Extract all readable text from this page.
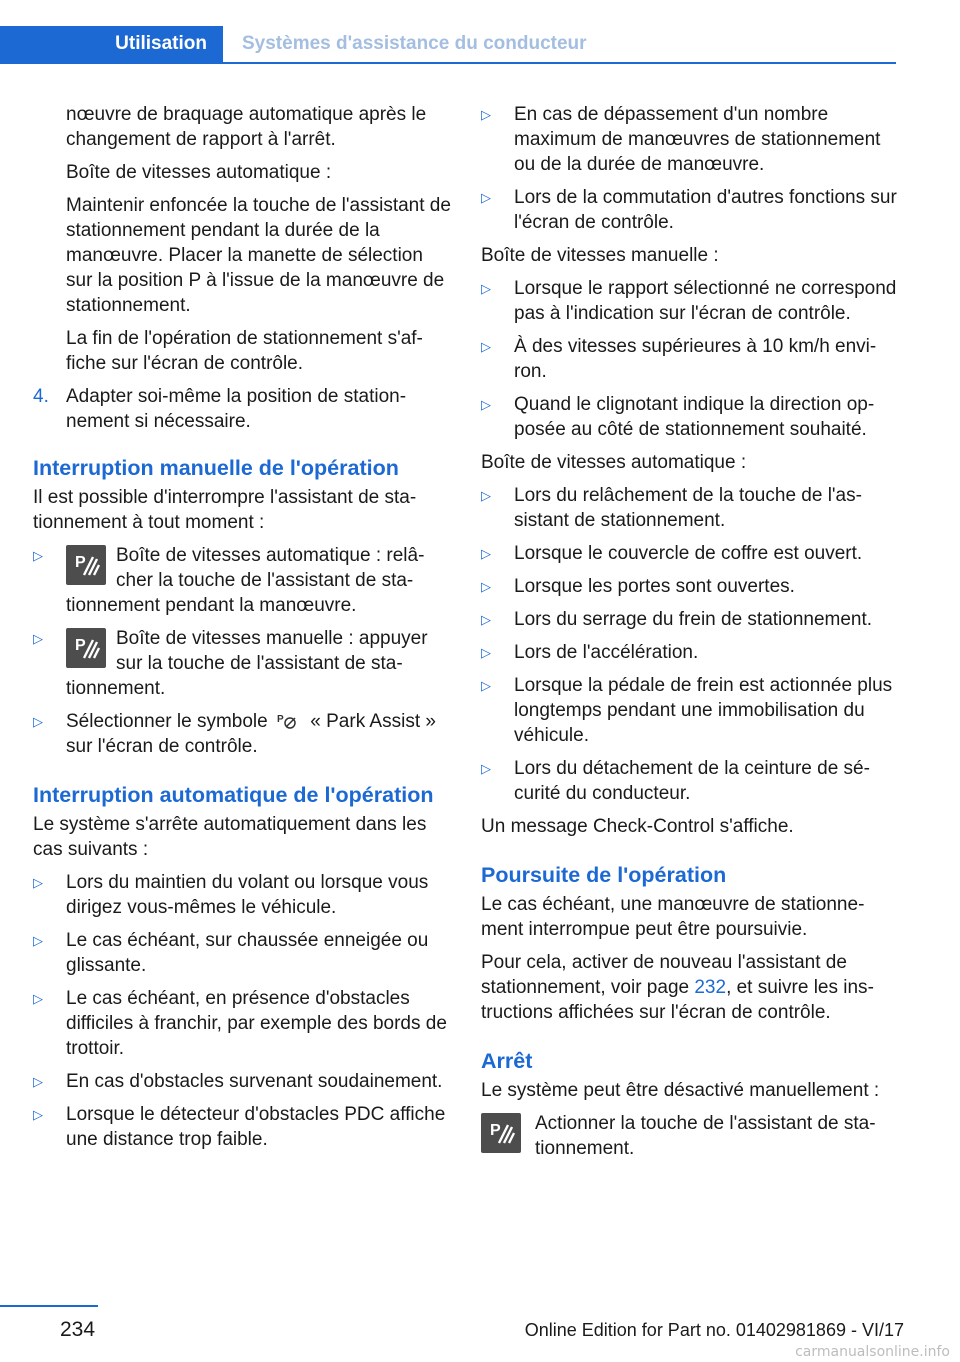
Utilisation	Systèmes d'assistance du conducteur

nœuvre de braquage automatique après le changement de rapport à l'arrêt.

Boîte de vitesses automatique :

Maintenir enfoncée la touche de l'assistant de stationnement pendant la durée de la manœuvre. Placer la manette de sélection sur la position P à l'issue de la manœuvre de stationnement.

La fin de l'opération de stationnement s'affiche sur l'écran de contrôle.

4. Adapter soi-même la position de stationnement si nécessaire.
Interruption manuelle de l'opération

Il est possible d'interrompre l'assistant de stationnement à tout moment :

▷ P Boîte de vitesses automatique : relâcher la touche de l'assistant de stationnement pendant la manœuvre.
▷ P Boîte de vitesses manuelle : appuyer sur la touche de l'assistant de stationnement.
▷ Sélectionner le symbole P « Park Assist » sur l'écran de contrôle.
Interruption automatique de l'opération

Le système s'arrête automatiquement dans les cas suivants :

▷ Lors du maintien du volant ou lorsque vous dirigez vous-mêmes le véhicule.
▷ Le cas échéant, sur chaussée enneigée ou glissante.
▷ Le cas échéant, en présence d'obstacles difficiles à franchir, par exemple des bords de trottoir.
▷ En cas d'obstacles survenant soudainement.
▷ Lorsque le détecteur d'obstacles PDC affiche une distance trop faible.
▷ En cas de dépassement d'un nombre maximum de manœuvres de stationnement ou de la durée de manœuvre.
▷ Lors de la commutation d'autres fonctions sur l'écran de contrôle.

Boîte de vitesses manuelle :

▷ Lorsque le rapport sélectionné ne correspond pas à l'indication sur l'écran de contrôle.
▷ À des vitesses supérieures à 10 km/h environ.
▷ Quand le clignotant indique la direction opposée au côté de stationnement souhaité.

Boîte de vitesses automatique :

▷ Lors du relâchement de la touche de l'assistant de stationnement.
▷ Lorsque le couvercle de coffre est ouvert.
▷ Lorsque les portes sont ouvertes.
▷ Lors du serrage du frein de stationnement.
▷ Lors de l'accélération.
▷ Lorsque la pédale de frein est actionnée plus longtemps pendant une immobilisation du véhicule.
▷ Lors du détachement de la ceinture de sécurité du conducteur.

Un message Check-Control s'affiche.

Poursuite de l'opération

Le cas échéant, une manœuvre de stationnement interrompue peut être poursuivie.

Pour cela, activer de nouveau l'assistant de stationnement, voir page 232, et suivre les instructions affichées sur l'écran de contrôle.

Arrêt

Le système peut être désactivé manuellement :

P Actionner la touche de l'assistant de stationnement.
234	Online Edition for Part no. 01402981869 - VI/17
carmanualsonline.info
